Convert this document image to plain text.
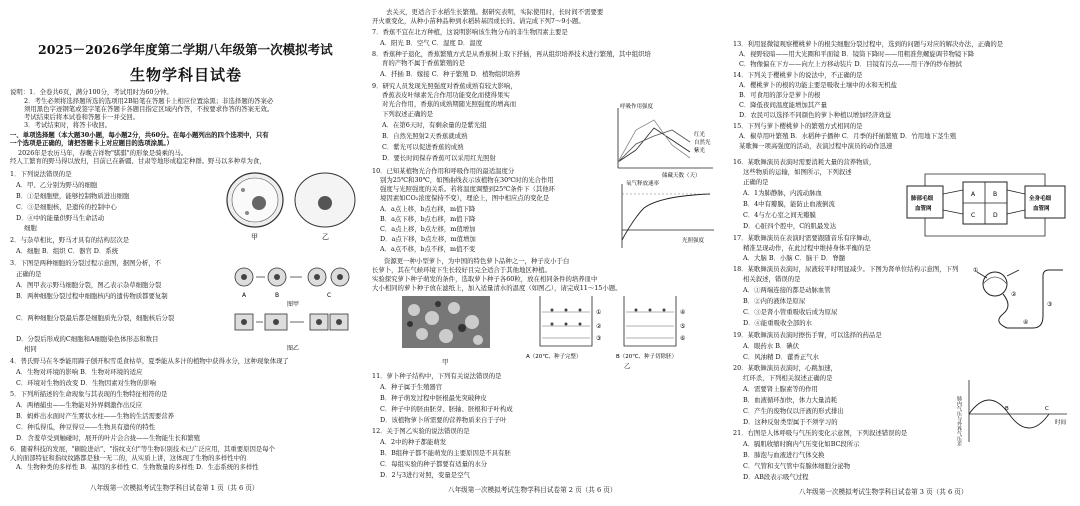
2025－2026学年度第二学期八年级第一次模拟考试
生物学科目试卷
说明：1．全卷共6页，满分100分，考试用时为60分钟。
2．考生必须将选择题所选的选项用2B铅笔在答题卡上相应位置涂黑；非选择题的答案必
须用黑色字迹钢笔或签字笔在答题卡各题目指定区域内作答，不按要求作答的答案无效。
考试结束后将本试卷和答题卡一并交回。
3．考试结束时，将答卡收回。
一、单项选择题（本大题30小题，每小题2分，共60分。在每小题列出的四个选项中，只有
一个选项是正确的，请把答题卡上对应题目的选项涂黑。）
2026年是农历马年，春晚吉祥物"骐骐"的形象是骑乘的马。
经人工繁育的野马得以放归，目前已在新疆、甘肃等地形成稳定种群。野马以多种草为食，
1．下列说法错误的是
A．甲、乙分别为野马的细胞
B．①是细胞壁，能够控制物质进出细胞
C．③是细胞核，是遗传的控制中心
D．④中的能量供野马生命活动
细胞
甲	乙
2．与杂草相比，野马才具有的结构层次是
A．细胞 B．组织 C．器官 D．系统
3．下图是两种细胞的分裂过程示意图，据图分析，不
正确的是
A．图甲表示野马细胞分裂，图乙表示杂草细胞分裂
B．两种细胞分裂过程中细胞核内的遗传物质都要复制
C．两种细胞分裂最后都是细胞质先分裂，细胞核后分裂
D．分裂后形成的C细胞和A细胞染色体形态和数目
相同
A	B	C
图甲
图乙
4．普氏野马在冬季能用蹄子刨开积雪觅食枯草，夏季能从多汁的植物中获得水分，这种现象体现了
A．生物对环境的影响 B．生物对环境的适应
C．环境对生物的改变 D．生物因素对生物的影响
5．下列所描述的生命现象与其表现的生物特征相符的是
A．两栖捕虫——生物能对外界刺激作出反应
B．蚂蚱出水面时产生雾状水柱——生物的生活需要营养
C．种瓜得瓜，种豆得豆——生物具有遗传的特性
D．含羞草受到触碰时，展开的叶片会合拢——生物能生长和繁殖
6．随着科技的发展，"刷脸进站"、"指纹支付"等生物识别技术已广泛应用，其重要原因是每个
人的面部特征和指纹纹路都是独一无二的，从实质上讲，这体现了生物的多样性中的
A．生物种类的多样性 B．基因的多样性 C．生物数量的多样性 D．生态系统的多样性
八年级第一次模拟考试生物学科目试卷第 1 页（共 6 页）
去关灭，更适合于水稻生长繁殖。据研究表明，实际使用时，长时间不需要要
开火重变化，从种小苗种品种到水稻转基因或长的。请完成下列7～9小题。
7．香蕉不宜在北方种植，这说明影响该生物分布的非生物因素主要是
A．阳光 B．空气 C．湿度 D．温度
8．香蕉种子退化，香蕉繁殖方式是从香蕉树上取下扦插，再从组织培养技术进行繁殖，其中组织培
育的产物不属于香蕉繁殖的是
A．扦插 B．嫁接 C．种子繁殖 D．植物组织培养
9．研究人员发现光照强度对香蕉成熟有较大影响，
香蕉表皮叶绿素光合作用功能变化而使得果实
对光合作用，香蕉的成熟期随光照强度的增高而
下列叙述正确的是
A．在第6天时，有剩余量的是紫光组
B．自然光照射2天香蕉就成熟
C．紫光可以促进香蕉的成熟
D．要长时间保存香蕉可以采用红光照射
呼吸作用强度
红光
自然光
紫光
储藏天数（天）
10．已知某植物光合作用和呼吸作用的最适温度分
别为25℃和30℃，如图曲线表示该植物在30℃时的光合作用
强度与光照强度的关系。若将温度调整到25℃条件下（其他环
境因素如CO₂浓度保持不变），理论上，图中相应点的变化是
A．a点上移，b点右移，m值下降
B．a点下移，b点右移，m值下降
C．a点上移，b点左移，m值增加
D．a点下移，b点左移，m值增加
A．a点不移，b点不移，m值不变
氧气释放速率
光照强度
资源更一种小型萝卜，为中国的特色萝卜品种之一，种子皮小于白
长萝卜，其在气候环境下生长较好且完全适合于其他地区种植。
实验探究萝卜种子萌发的条件，选取萝卜种子各60粒，放在相同条件的培养皿中
大小相同的萝卜种子放在滤纸上，加入适量清水的温度（如图乙），请完成11～15小题。
甲
①
②
③
④
⑤
⑥
A（20℃、种子完整）	B（20℃、种子切除胚）
乙
11．萝卜种子结构中，下列有关说法错误的是
A．种子属于生殖器官
B．种子萌发过程中胚根最先突破种皮
C．种子中的胚由胚芽、胚轴、胚根和子叶构成
D．该植物萝卜所需要的营养物质来自于子叶
12．关于图乙实验的说法错误的是
A．2中的种子都能萌发
B．B组种子都不能萌发的主要原因是不具有胚
C．每组实验的种子都要有适量的水分
D．2与3进行对照，变量是空气
八年级第一次模拟考试生物学科目试卷第 2 页（共 6 页）
13．利用显微镜观察樱桃萝卜的根尖细胞分裂过程中，选到的问题与对应的解决办法，正确的是
A．视野较暗——用大光圈和平面镜 B．镜筒下降时——用粗准焦螺旋调节物镜下降
C．物像偏在下方——向左上方移动装片 D．目镜有污点——用干净的纱布擦拭
14．下列关于樱桃萝卜的说法中，不正确的是
A．樱桃萝卜的根的功能主要是吸收土壤中的水和无机盐
B．可食用的部分是萝卜的根
C．降低夜间温度能增加其产量
D．农民可以选择不同颜色的萝卜种植以增加经济效益
15．下列与萝卜樱桃萝卜的繁殖方式相同的是
A．椒草用叶繁殖 B．水稻种子播种 C．月季的扦插繁殖 D．竹用地下茎生殖
某歌舞一项高强度的活动，表演过程中演员的动作迅速
16．某歌舞演员表演时需要消耗大量的营养物质，
这些物质的运输，如图所示，下列叙述
正确的是
A．1为肺静脉，内流动脉血
B．4中有瓣膜，能防止血液倒流
C．4与左心室之间无瓣膜
D．心脏四个腔中，C的肌最发达
肺部毛细
血管网
A	B
C	D
全身毛细
血管网
17．某歌舞演员在表演时需要跟随音乐有序舞动，
精准呈现动作，在此过程中维持身体平衡的是
A．大脑 B．小脑 C．脑干 D．脊髓
18．某歌舞演员表演时，尿液较平时明显减少。下图为肾单位结构示意图，下列
相关叙述，错误的是
A．①两端连接的都是动脉血管
B．②内的液体是原尿
C．③是肾小管重吸收后成为原尿
D．④能重吸收全部的水
①
②
③
④
19．某歌舞演员表演时擦伤手臂，可以选择的药品是
A．眼药水 B．碘伏
C．风油精 D．藿香正气水
20．某歌舞演员表演时，心跳加速，
红环杀，下列相关叙述正确的是
A．需要肾上腺素等的作用
B．血液循环加快，体力大量消耗
C．产生的废物仅以汗液的形式排出
D．这种反射类型属于不须学习的
21．右图是人体呼吸与气压的变化示意图，下列叙述错误的是
A．膈肌收缩时胸内气压变化如BC段所示
B．肺泡与血液进行气体交换
C．气管和支气管中有腺体细胞分泌物
D．AB段表示吸气过程
肺内气压与外界气压差	时间
B	C
八年级第一次模拟考试生物学科目试卷第 3 页（共 6 页）
